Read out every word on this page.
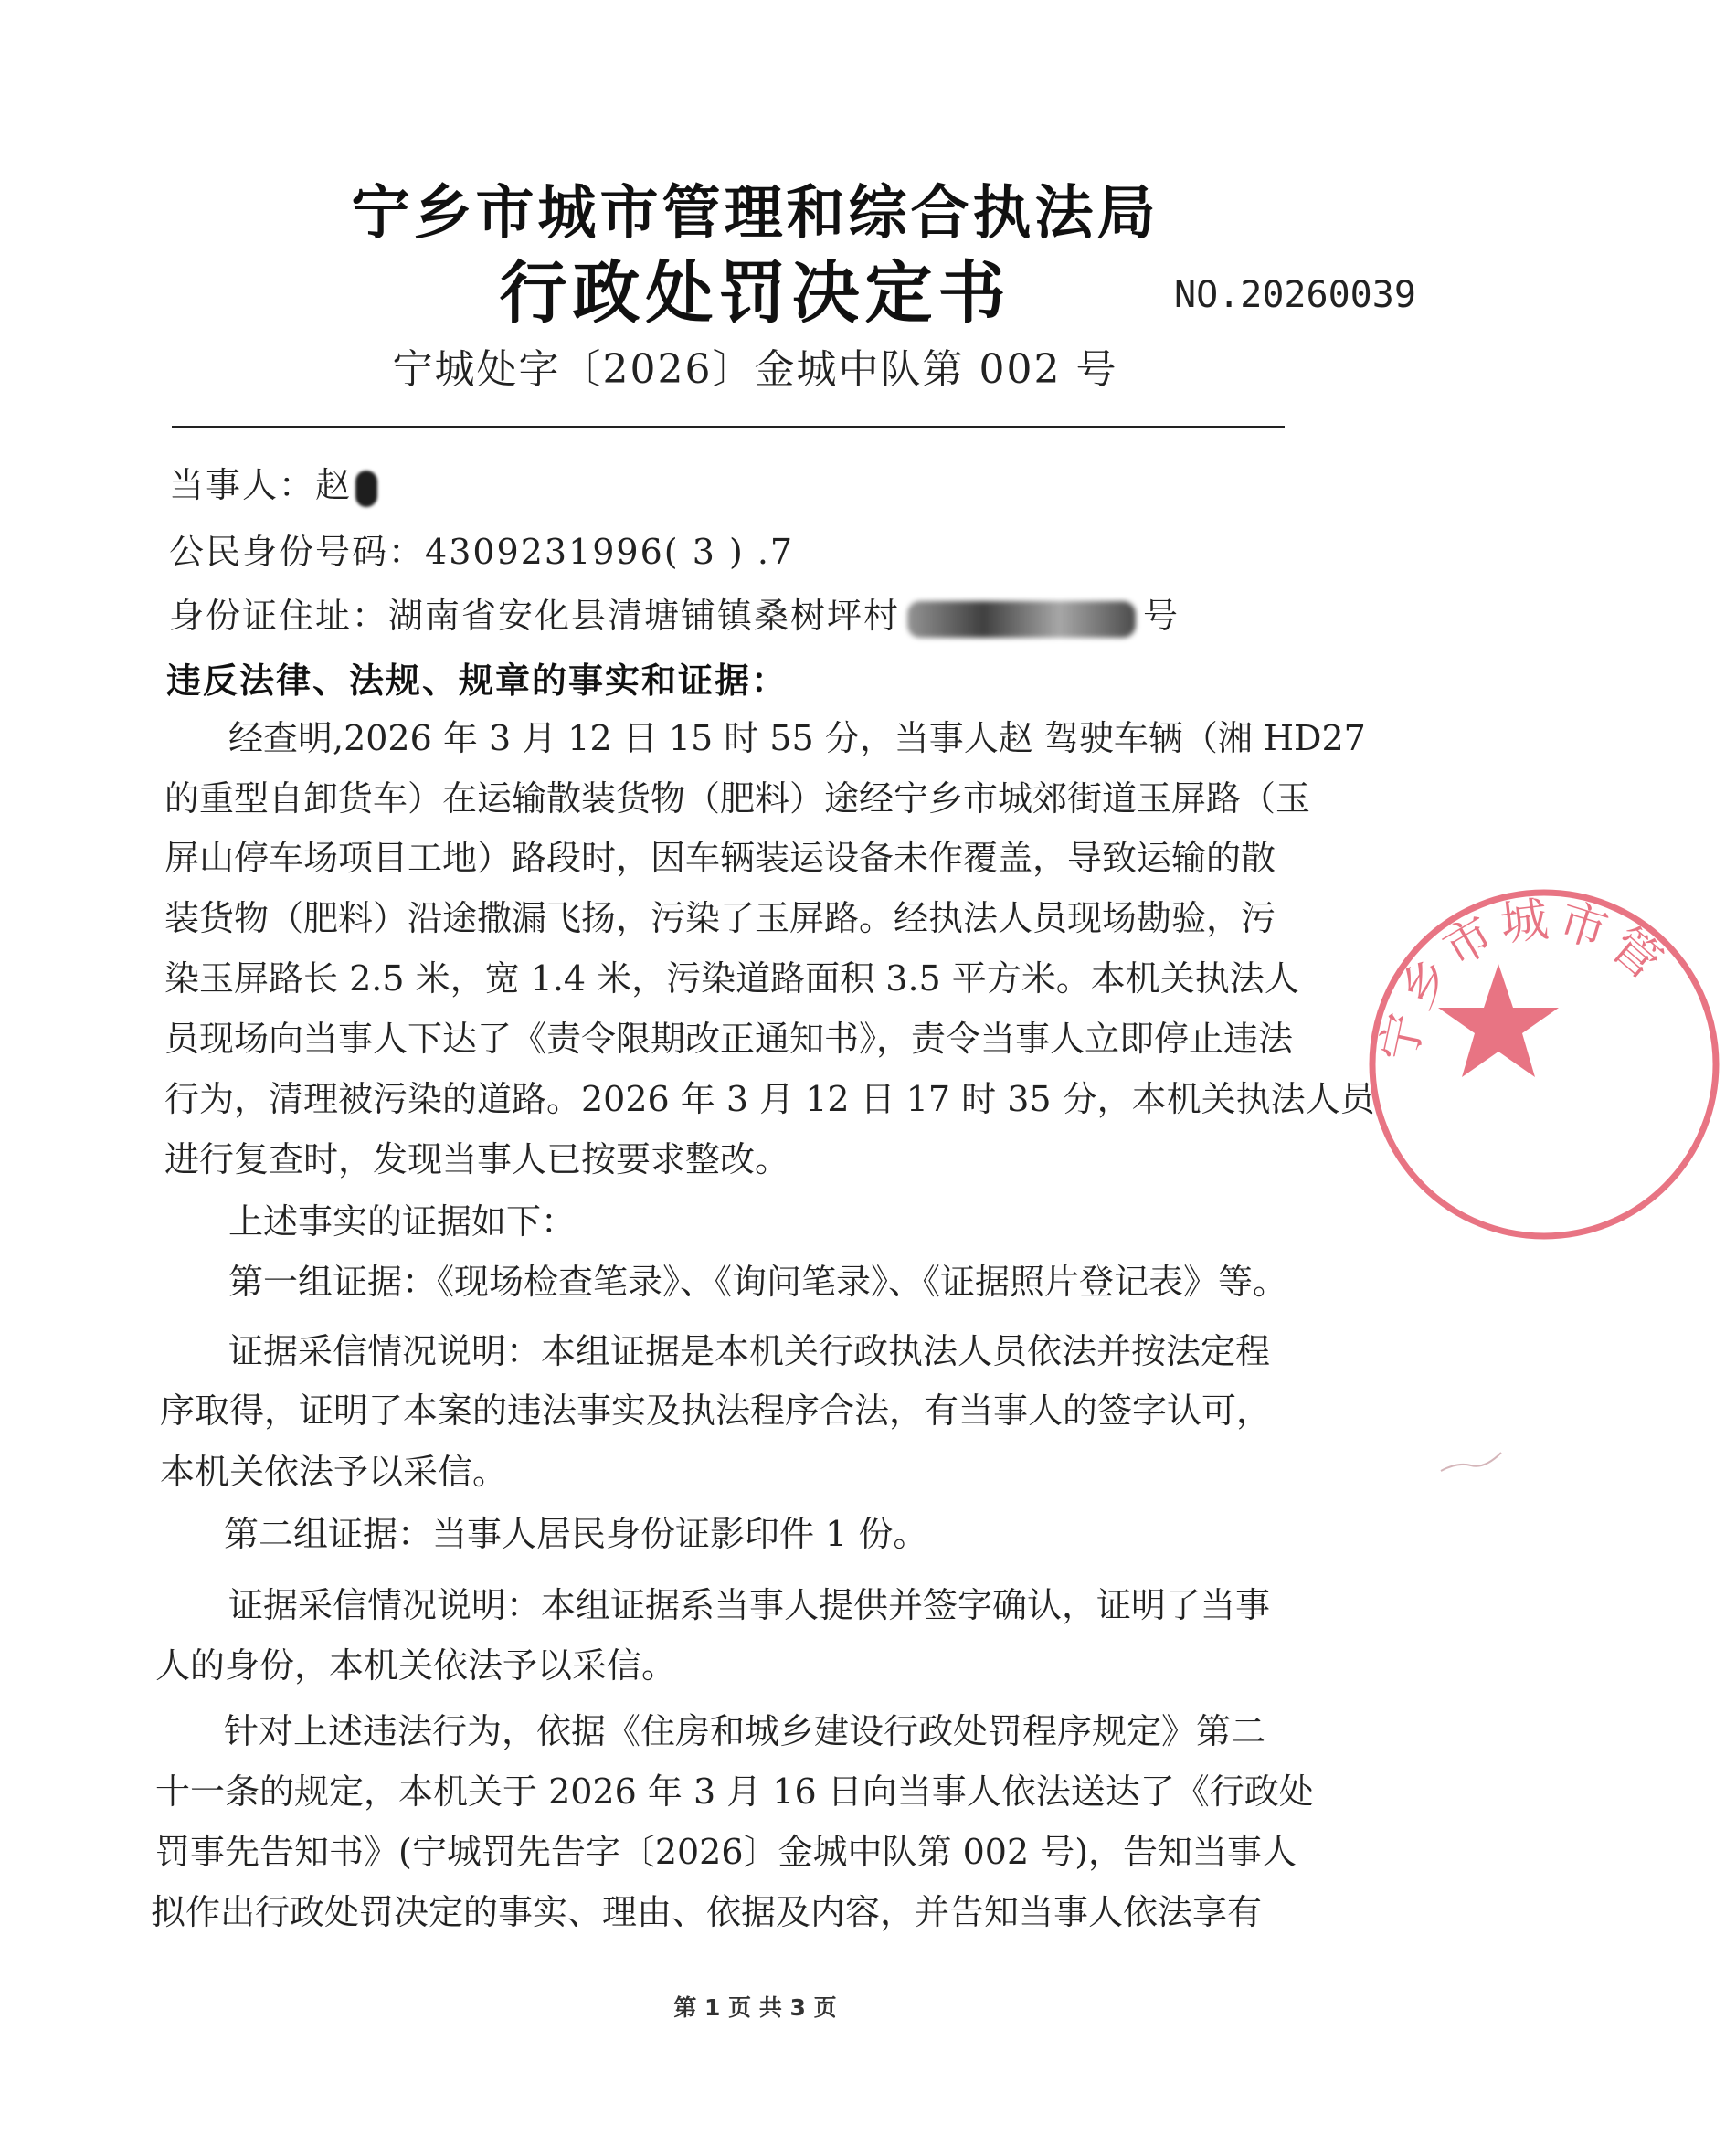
宁乡市城市管理和综合执法局
行政处罚决定书	NO.20260039
宁城处字〔2026〕金城中队第 002 号
当事人：赵
公民身份号码：4309231996( 3 ) .7
身份证住址：湖南省安化县清塘铺镇桑树坪村	号
违反法律、法规、规章的事实和证据：
经查明,2026 年 3 月 12 日 15 时 55 分，当事人赵 驾驶车辆（湘 HD27
的重型自卸货车）在运输散装货物（肥料）途经宁乡市城郊街道玉屏路（玉
屏山停车场项目工地）路段时，因车辆装运设备未作覆盖，导致运输的散
装货物（肥料）沿途撒漏飞扬，污染了玉屏路。经执法人员现场勘验，污
染玉屏路长 2.5 米，宽 1.4 米，污染道路面积 3.5 平方米。本机关执法人
员现场向当事人下达了《责令限期改正通知书》，责令当事人立即停止违法
行为，清理被污染的道路。2026 年 3 月 12 日 17 时 35 分，本机关执法人员
进行复查时，发现当事人已按要求整改。
上述事实的证据如下：
第一组证据：《现场检查笔录》、《询问笔录》、《证据照片登记表》等。
证据采信情况说明：本组证据是本机关行政执法人员依法并按法定程
序取得，证明了本案的违法事实及执法程序合法，有当事人的签字认可，
本机关依法予以采信。
第二组证据：当事人居民身份证影印件 1 份。
证据采信情况说明：本组证据系当事人提供并签字确认，证明了当事
人的身份，本机关依法予以采信。
针对上述违法行为，依据《住房和城乡建设行政处罚程序规定》第二
十一条的规定，本机关于 2026 年 3 月 16 日向当事人依法送达了《行政处
罚事先告知书》(宁城罚先告字〔2026〕金城中队第 002 号)，告知当事人
拟作出行政处罚决定的事实、理由、依据及内容，并告知当事人依法享有
第 1 页 共 3 页
宁乡市城市管
